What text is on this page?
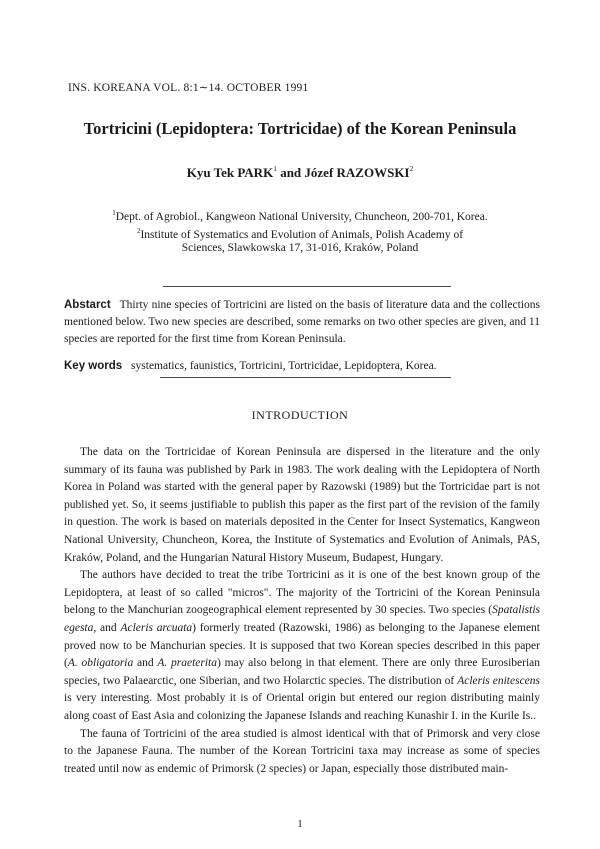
INS. KOREANA VOL. 8:1∼14. OCTOBER 1991
Tortricini (Lepidoptera: Tortricidae) of the Korean Peninsula
Kyu Tek PARK$^1$ and Józef RAZOWSKI$^2$
$^1$Dept. of Agrobiol., Kangweon National University, Chuncheon, 200-701, Korea.
$^2$Institute of Systematics and Evolution of Animals, Polish Academy of
Sciences, Slawkowska 17, 31-016, Kraków, Poland
Abstarct Thirty nine species of Tortricini are listed on the basis of literature data and the collections mentioned below. Two new species are described, some remarks on two other species are given, and 11 species are reported for the first time from Korean Peninsula.
Key words systematics, faunistics, Tortricini, Tortricidae, Lepidoptera, Korea.
INTRODUCTION

The data on the Tortricidae of Korean Peninsula are dispersed in the literature and the only summary of its fauna was published by Park in 1983. The work dealing with the Lepidoptera of North Korea in Poland was started with the general paper by Razowski (1989) but the Tortricidae part is not published yet. So, it seems justifiable to publish this paper as the first part of the revision of the family in question. The work is based on materials deposited in the Center for Insect Systematics, Kangweon National University, Chuncheon, Korea, the Institute of Systematics and Evolution of Animals, PAS, Kraków, Poland, and the Hungarian Natural History Museum, Budapest, Hungary.

The authors have decided to treat the tribe Tortricini as it is one of the best known group of the Lepidoptera, at least of so called "micros". The majority of the Tortricini of the Korean Peninsula belong to the Manchurian zoogeographical element represented by 30 species. Two species (Spatalistis egesta, and Acleris arcuata) formerly treated (Razowski, 1986) as belonging to the Japanese element proved now to be Manchurian species. It is supposed that two Korean species described in this paper (A. obligatoria and A. praeterita) may also belong in that element. There are only three Eurosiberian species, two Palaearctic, one Siberian, and two Holarctic species. The distribution of Acleris enitescens is very interesting. Most probably it is of Oriental origin but entered our region distributing mainly along coast of East Asia and colonizing the Japanese Islands and reaching Kunashir I. in the Kurile Is..

The fauna of Tortricini of the area studied is almost identical with that of Primorsk and very close to the Japanese Fauna. The number of the Korean Tortricini taxa may increase as some of species treated until now as endemic of Primorsk (2 species) or Japan, especially those distributed main-

1
